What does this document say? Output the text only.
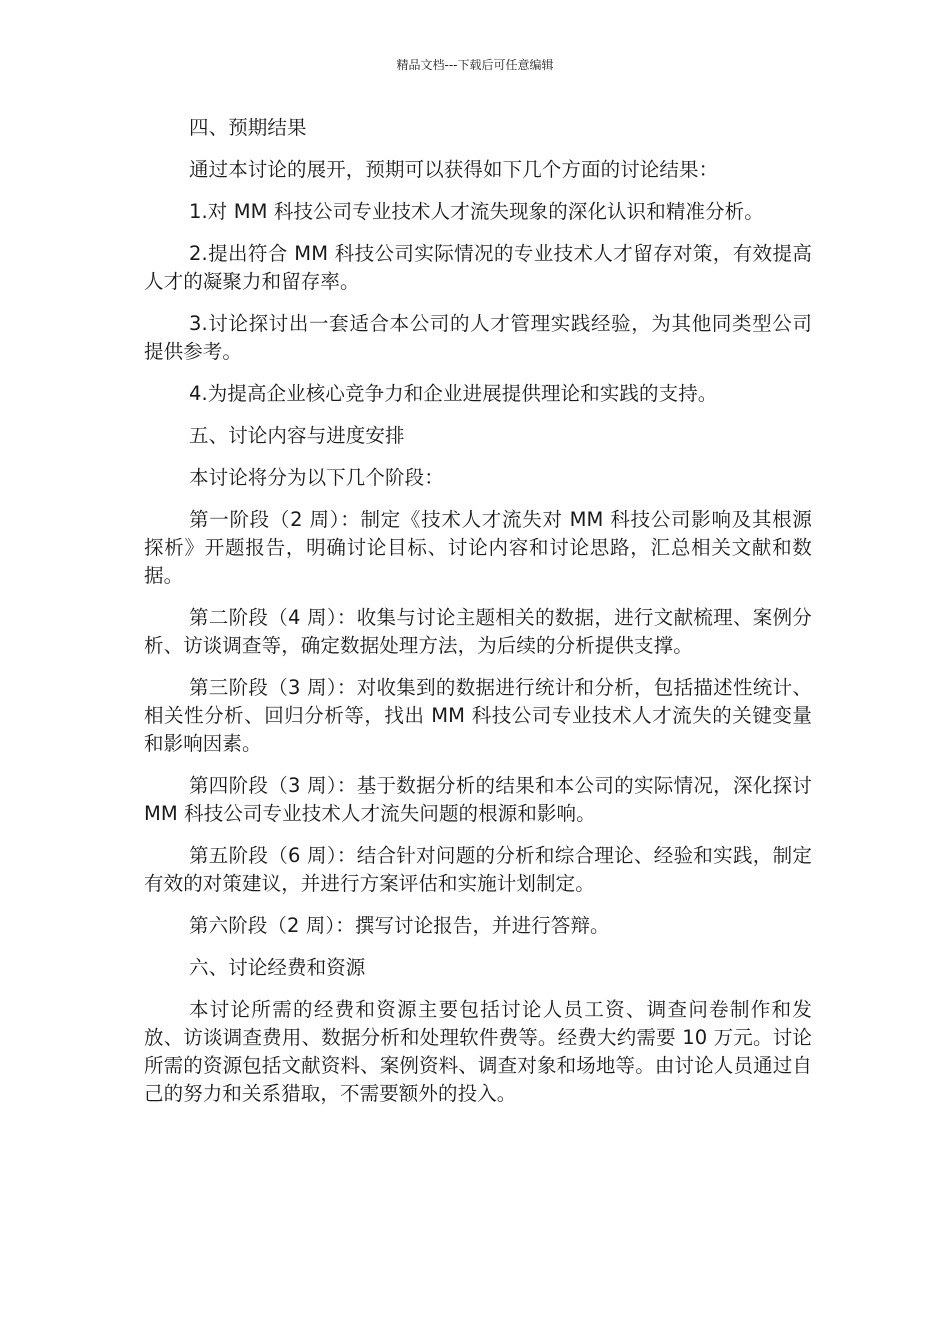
精品文档---下载后可任意编辑

四、预期结果

通过本讨论的展开，预期可以获得如下几个方面的讨论结果：

1.对 MM 科技公司专业技术人才流失现象的深化认识和精准分析。

2.提出符合 MM 科技公司实际情况的专业技术人才留存对策，有效提高人才的凝聚力和留存率。

3.讨论探讨出一套适合本公司的人才管理实践经验，为其他同类型公司提供参考。

4.为提高企业核心竞争力和企业进展提供理论和实践的支持。

五、讨论内容与进度安排

本讨论将分为以下几个阶段：

第一阶段（2 周）：制定《技术人才流失对 MM 科技公司影响及其根源探析》开题报告，明确讨论目标、讨论内容和讨论思路，汇总相关文献和数据。

第二阶段（4 周）：收集与讨论主题相关的数据，进行文献梳理、案例分析、访谈调查等，确定数据处理方法，为后续的分析提供支撑。

第三阶段（3 周）：对收集到的数据进行统计和分析，包括描述性统计、相关性分析、回归分析等，找出 MM 科技公司专业技术人才流失的关键变量和影响因素。

第四阶段（3 周）：基于数据分析的结果和本公司的实际情况，深化探讨 MM 科技公司专业技术人才流失问题的根源和影响。

第五阶段（6 周）：结合针对问题的分析和综合理论、经验和实践，制定有效的对策建议，并进行方案评估和实施计划制定。

第六阶段（2 周）：撰写讨论报告，并进行答辩。

六、讨论经费和资源

本讨论所需的经费和资源主要包括讨论人员工资、调查问卷制作和发放、访谈调查费用、数据分析和处理软件费等。经费大约需要 10 万元。讨论所需的资源包括文献资料、案例资料、调查对象和场地等。由讨论人员通过自己的努力和关系猎取，不需要额外的投入。
